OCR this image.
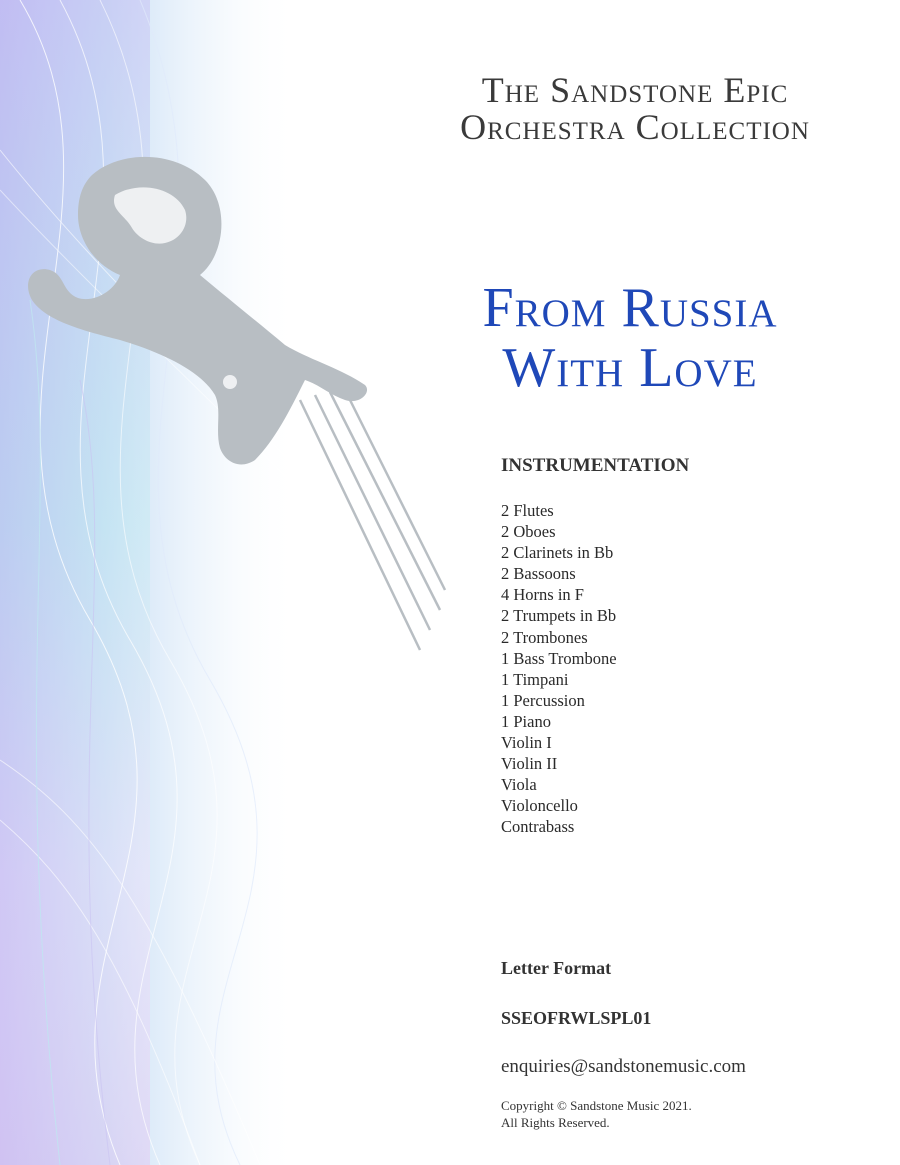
The Sandstone Epic
Orchestra Collection
From Russia
With Love
INSTRUMENTATION
2 Flutes
2 Oboes
2 Clarinets in Bb
2 Bassoons
4 Horns in F
2 Trumpets in Bb
2 Trombones
1 Bass Trombone
1 Timpani
1 Percussion
1 Piano
Violin I
Violin II
Viola
Violoncello
Contrabass
Letter Format
SSEOFRWLSPL01
enquiries@sandstonemusic.com
Copyright © Sandstone Music 2021.
All Rights Reserved.
